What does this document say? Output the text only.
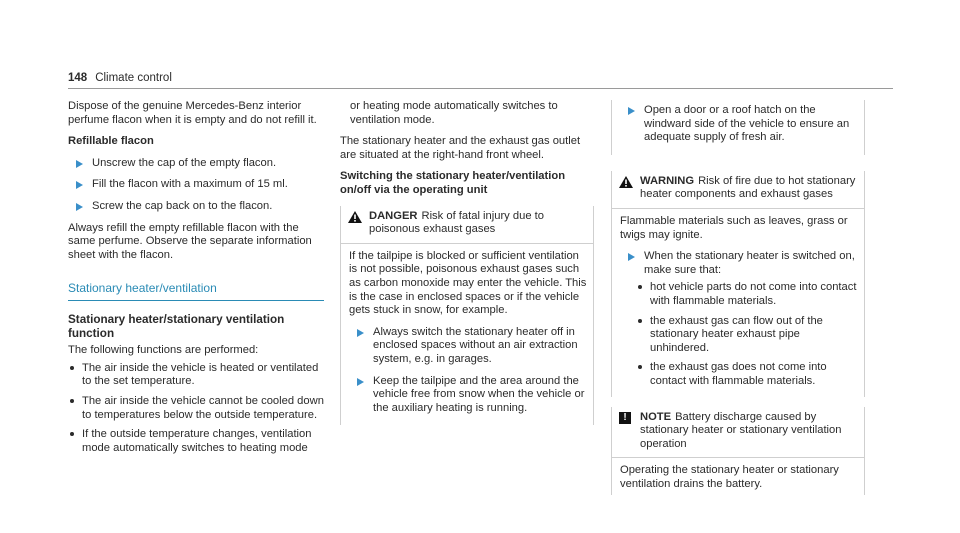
148 Climate control

Dispose of the genuine Mercedes-Benz interior perfume flacon when it is empty and do not refill it.

Refillable flacon
Unscrew the cap of the empty flacon.
Fill the flacon with a maximum of 15 ml.
Screw the cap back on to the flacon.

Always refill the empty refillable flacon with the same perfume. Observe the separate information sheet with the flacon.

Stationary heater/ventilation
Stationary heater/stationary ventilation function

The following functions are performed:

The air inside the vehicle is heated or ventilated to the set temperature.
The air inside the vehicle cannot be cooled down to temperatures below the outside temperature.
If the outside temperature changes, ventilation mode automatically switches to heating mode

or heating mode automatically switches to ventilation mode.

The stationary heater and the exhaust gas outlet are situated at the right-hand front wheel.

Switching the stationary heater/ventilation on/off via the operating unit
DANGER Risk of fatal injury due to poisonous exhaust gases

If the tailpipe is blocked or sufficient ventilation is not possible, poisonous exhaust gases such as carbon monoxide may enter the vehicle. This is the case in enclosed spaces or if the vehicle gets stuck in snow, for example.

Always switch the stationary heater off in enclosed spaces without an air extraction system, e.g. in garages.
Keep the tailpipe and the area around the vehicle free from snow when the vehicle or the auxiliary heating is running.
Open a door or a roof hatch on the windward side of the vehicle to ensure an adequate supply of fresh air.
WARNING Risk of fire due to hot stationary heater components and exhaust gases

Flammable materials such as leaves, grass or twigs may ignite.

When the stationary heater is switched on, make sure that:
hot vehicle parts do not come into contact with flammable materials.
the exhaust gas can flow out of the stationary heater exhaust pipe unhindered.
the exhaust gas does not come into contact with flammable materials.
!	NOTE Battery discharge caused by stationary heater or stationary ventilation operation

Operating the stationary heater or stationary ventilation drains the battery.
